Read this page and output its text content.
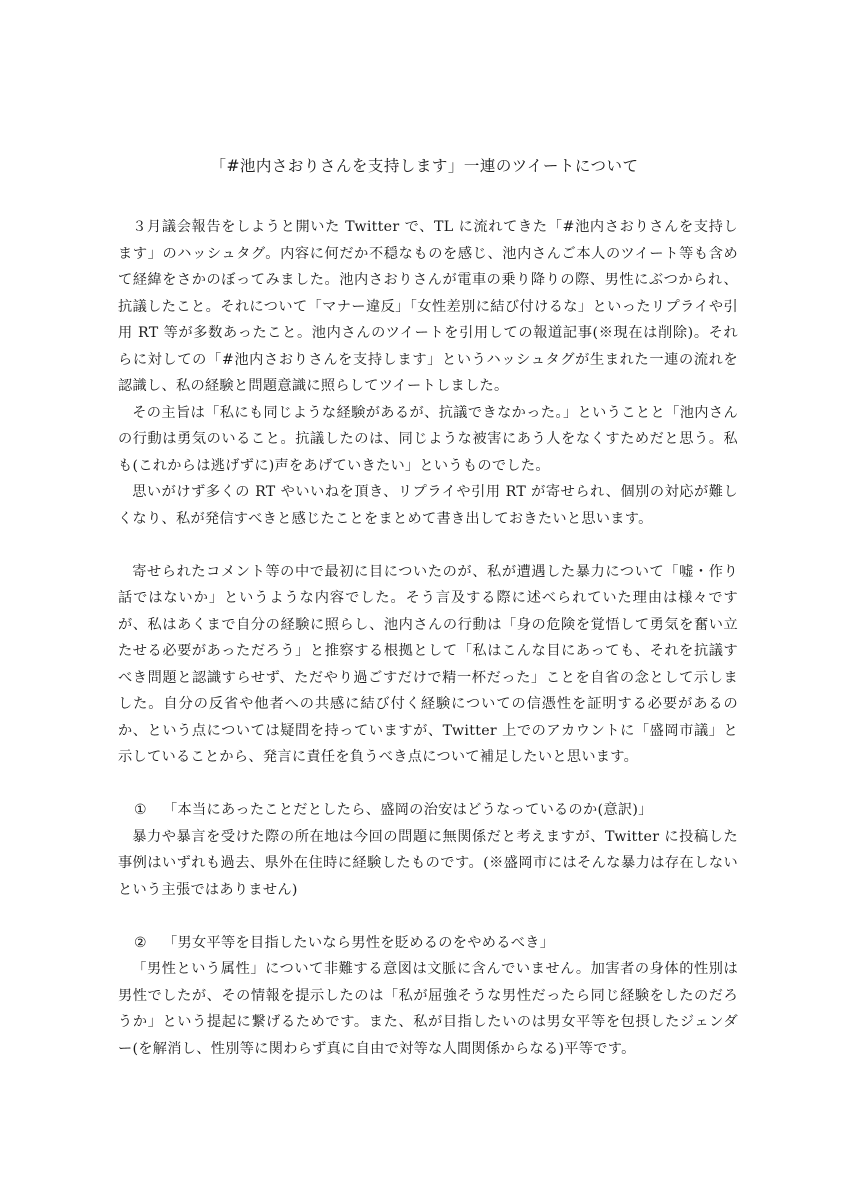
「#池内さおりさんを支持します」一連のツイートについて

３月議会報告をしようと開いた Twitter で、TL に流れてきた「#池内さおりさんを支持します」のハッシュタグ。内容に何だか不穏なものを感じ、池内さんご本人のツイート等も含めて経緯をさかのぼってみました。池内さおりさんが電車の乗り降りの際、男性にぶつかられ、抗議したこと。それについて「マナー違反」「女性差別に結び付けるな」といったリプライや引用 RT 等が多数あったこと。池内さんのツイートを引用しての報道記事(※現在は削除)。それらに対しての「#池内さおりさんを支持します」というハッシュタグが生まれた一連の流れを認識し、私の経験と問題意識に照らしてツイートしました。

その主旨は「私にも同じような経験があるが、抗議できなかった。」ということと「池内さんの行動は勇気のいること。抗議したのは、同じような被害にあう人をなくすためだと思う。私も(これからは逃げずに)声をあげていきたい」というものでした。

思いがけず多くの RT やいいねを頂き、リプライや引用 RT が寄せられ、個別の対応が難しくなり、私が発信すべきと感じたことをまとめて書き出しておきたいと思います。

寄せられたコメント等の中で最初に目についたのが、私が遭遇した暴力について「嘘・作り話ではないか」というような内容でした。そう言及する際に述べられていた理由は様々ですが、私はあくまで自分の経験に照らし、池内さんの行動は「身の危険を覚悟して勇気を奮い立たせる必要があっただろう」と推察する根拠として「私はこんな目にあっても、それを抗議すべき問題と認識すらせず、ただやり過ごすだけで精一杯だった」ことを自省の念として示しました。自分の反省や他者への共感に結び付く経験についての信憑性を証明する必要があるのか、という点については疑問を持っていますが、Twitter 上でのアカウントに「盛岡市議」と示していることから、発言に責任を負うべき点について補足したいと思います。

① 「本当にあったことだとしたら、盛岡の治安はどうなっているのか(意訳)」

暴力や暴言を受けた際の所在地は今回の問題に無関係だと考えますが、Twitter に投稿した事例はいずれも過去、県外在住時に経験したものです。(※盛岡市にはそんな暴力は存在しないという主張ではありません)

② 「男女平等を目指したいなら男性を貶めるのをやめるべき」

「男性という属性」について非難する意図は文脈に含んでいません。加害者の身体的性別は男性でしたが、その情報を提示したのは「私が屈強そうな男性だったら同じ経験をしたのだろうか」という提起に繋げるためです。また、私が目指したいのは男女平等を包摂したジェンダー(を解消し、性別等に関わらず真に自由で対等な人間関係からなる)平等です。
